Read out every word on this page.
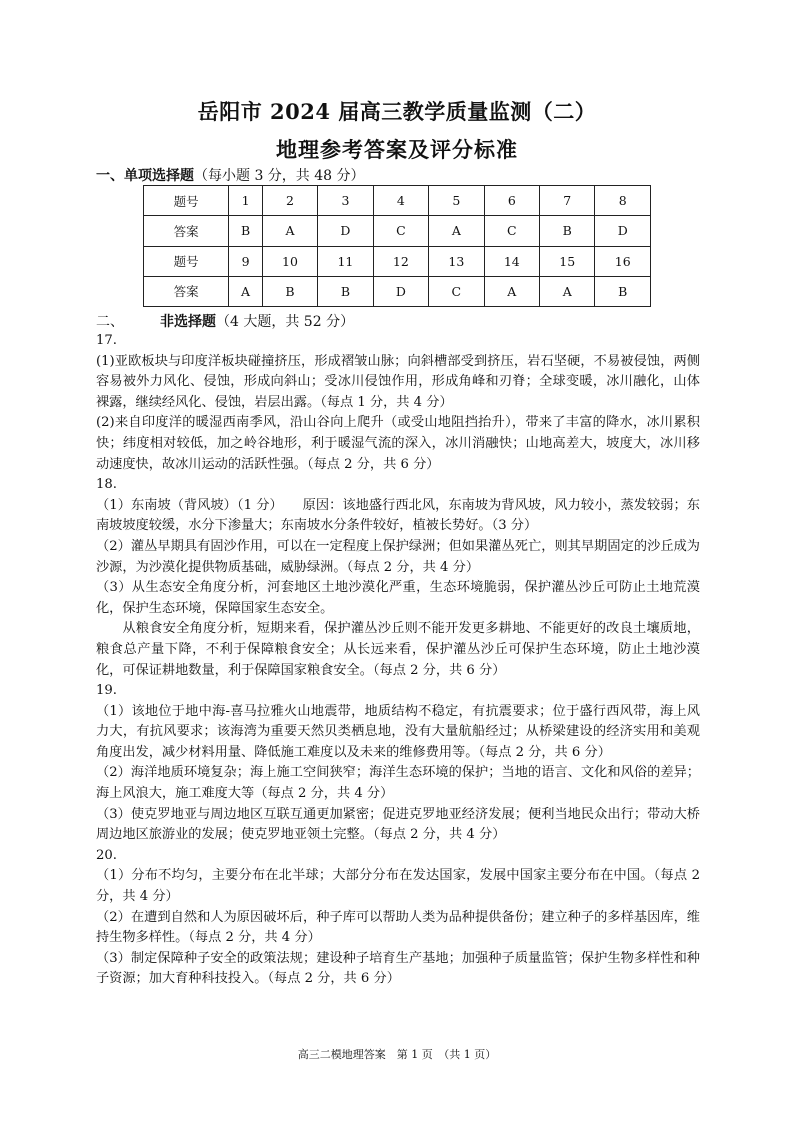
岳阳市 2024 届高三教学质量监测（二）
地理参考答案及评分标准
一、单项选择题（每小题 3 分，共 48 分）
题号	1	2	3	4	5	6	7	8
答案	B	A	D	C	A	C	B	D
题号	9	10	11	12	13	14	15	16
答案	A	B	B	D	C	A	A	B
二、	非选择题（4 大题，共 52 分）

17.

(1)亚欧板块与印度洋板块碰撞挤压，形成褶皱山脉；向斜槽部受到挤压，岩石坚硬，不易被侵蚀，两侧容易被外力风化、侵蚀，形成向斜山；受冰川侵蚀作用，形成角峰和刃脊；全球变暖，冰川融化，山体裸露，继续经风化、侵蚀，岩层出露。（每点 1 分，共 4 分）

(2)来自印度洋的暖湿西南季风，沿山谷向上爬升（或受山地阻挡抬升），带来了丰富的降水，冰川累积快；纬度相对较低，加之岭谷地形，利于暖湿气流的深入，冰川消融快；山地高差大，坡度大，冰川移动速度快，故冰川运动的活跃性强。（每点 2 分，共 6 分）

18.

（1）东南坡（背风坡）（1 分）　　原因：该地盛行西北风，东南坡为背风坡，风力较小，蒸发较弱；东南坡坡度较缓，水分下渗量大；东南坡水分条件较好，植被长势好。（3 分）

（2）灌丛早期具有固沙作用，可以在一定程度上保护绿洲；但如果灌丛死亡，则其早期固定的沙丘成为沙源，为沙漠化提供物质基础，威胁绿洲。（每点 2 分，共 4 分）

（3）从生态安全角度分析，河套地区土地沙漠化严重，生态环境脆弱，保护灌丛沙丘可防止土地荒漠化，保护生态环境，保障国家生态安全。

从粮食安全角度分析，短期来看，保护灌丛沙丘则不能开发更多耕地、不能更好的改良土壤质地，粮食总产量下降，不利于保障粮食安全；从长远来看，保护灌丛沙丘可保护生态环境，防止土地沙漠化，可保证耕地数量，利于保障国家粮食安全。（每点 2 分，共 6 分）

19.

（1）该地位于地中海-喜马拉雅火山地震带，地质结构不稳定，有抗震要求；位于盛行西风带，海上风力大，有抗风要求；该海湾为重要天然贝类栖息地，没有大量航船经过；从桥梁建设的经济实用和美观角度出发，减少材料用量、降低施工难度以及未来的维修费用等。（每点 2 分，共 6 分）

（2）海洋地质环境复杂；海上施工空间狭窄；海洋生态环境的保护；当地的语言、文化和风俗的差异；海上风浪大，施工难度大等（每点 2 分，共 4 分）

（3）使克罗地亚与周边地区互联互通更加紧密；促进克罗地亚经济发展；便利当地民众出行；带动大桥周边地区旅游业的发展；使克罗地亚领土完整。（每点 2 分，共 4 分）

20.

（1）分布不均匀，主要分布在北半球；大部分分布在发达国家，发展中国家主要分布在中国。（每点 2 分，共 4 分）

（2）在遭到自然和人为原因破坏后，种子库可以帮助人类为品种提供备份；建立种子的多样基因库，维持生物多样性。（每点 2 分，共 4 分）

（3）制定保障种子安全的政策法规；建设种子培育生产基地；加强种子质量监管；保护生物多样性和种子资源；加大育种科技投入。（每点 2 分，共 6 分）

高三二模地理答案　第 1 页　（共 1 页）
